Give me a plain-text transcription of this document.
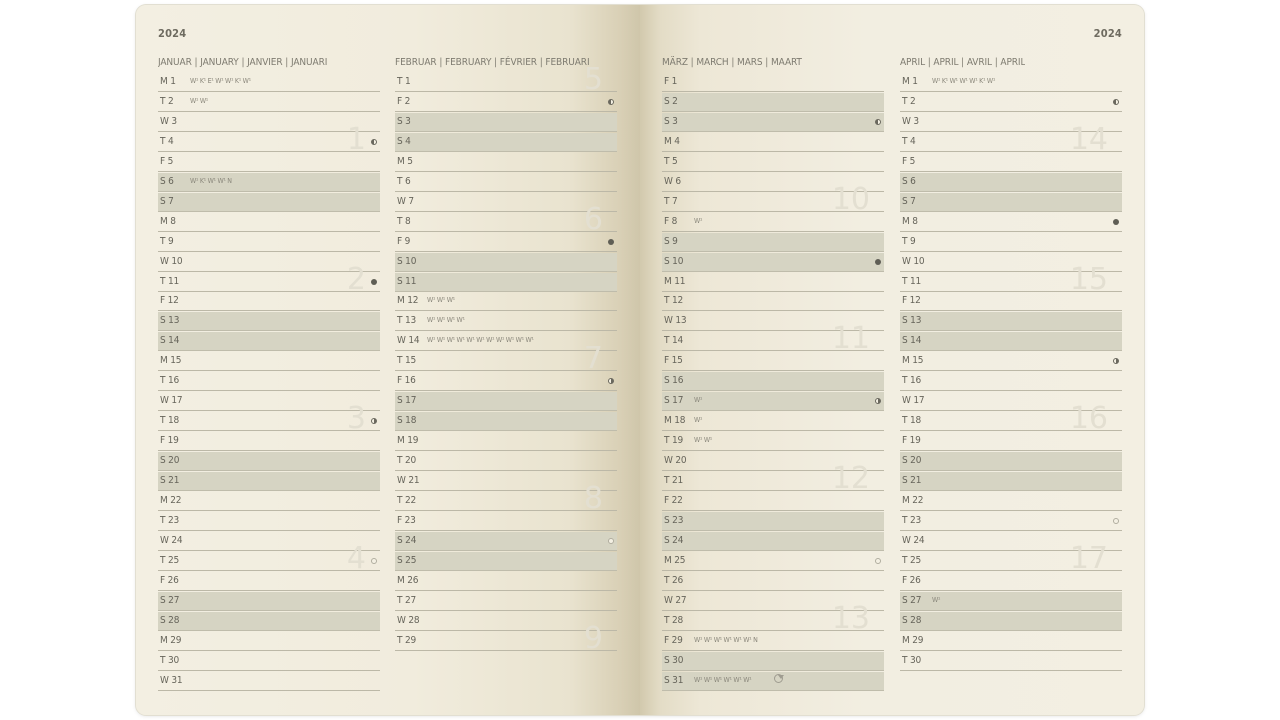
2024
JANUAR | JANUARY | JANVIER | JANUARI
M 1 W¹ K¹ E¹ W¹ W¹ K¹ W¹
T 2 W¹ W¹
W 3
T 4	1
F 5
S 6 W¹ K¹ W¹ W¹ N
S 7
M 8
T 9
W 10
T 11	2
F 12
S 13
S 14
M 15
T 16
W 17
T 18	3
F 19
S 20
S 21
M 22
T 23
W 24
T 25	4
F 26
S 27
S 28
M 29
T 30
W 31
FEBRUAR | FEBRUARY | FÉVRIER | FEBRUARI
T 1	5
F 2
S 3
S 4
M 5
T 6
W 7
T 8	6
F 9
S 10
S 11
M 12 W¹ W¹ W¹
T 13 W¹ W¹ W¹ W¹
W 14 W¹ W¹ W¹ W¹ W¹ W¹ W¹ W¹ W¹ W¹ W¹
T 15	7
F 16
S 17
S 18
M 19
T 20
W 21
T 22	8
F 23
S 24
S 25
M 26
T 27
W 28
T 29	9
2024
MÄRZ | MARCH | MARS | MAART
F 1
S 2
S 3
M 4
T 5
W 6
T 7	10
F 8 W¹
S 9
S 10
M 11
T 12
W 13
T 14	11
F 15
S 16
S 17 W¹
M 18 W¹
T 19 W¹ W¹
W 20
T 21	12
F 22
S 23
S 24
M 25
T 26
W 27
T 28	13
F 29 W¹ W¹ W¹ W¹ W¹ W¹ N
S 30
S 31 W¹ W¹ W¹ W¹ W¹ W¹
APRIL | APRIL | AVRIL | APRIL
M 1 W¹ K¹ W¹ W¹ W¹ K¹ W¹
T 2
W 3
T 4	14
F 5
S 6
S 7
M 8
T 9
W 10
T 11	15
F 12
S 13
S 14
M 15
T 16
W 17
T 18	16
F 19
S 20
S 21
M 22
T 23
W 24
T 25	17
F 26
S 27 W¹
S 28
M 29
T 30
